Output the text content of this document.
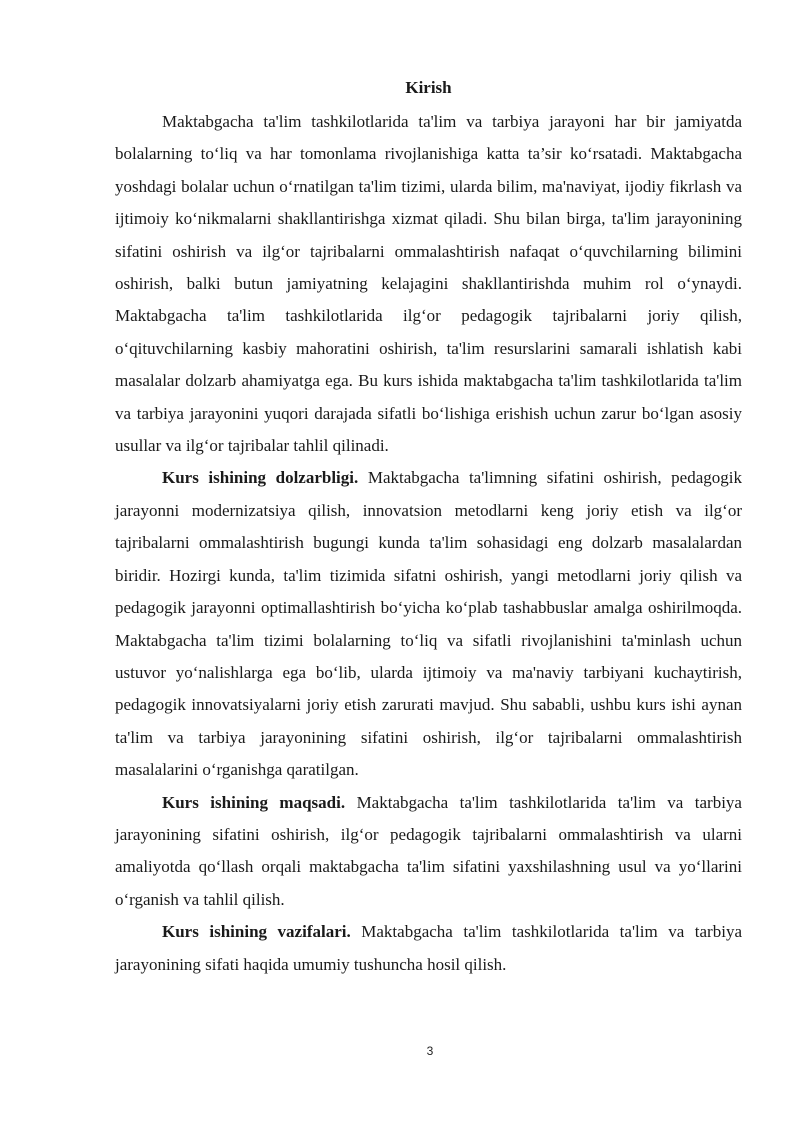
Kirish

Maktabgacha ta'lim tashkilotlarida ta'lim va tarbiya jarayoni har bir jamiyatda bolalarning to‘liq va har tomonlama rivojlanishiga katta ta’sir ko‘rsatadi. Maktabgacha yoshdagi bolalar uchun o‘rnatilgan ta'lim tizimi, ularda bilim, ma'naviyat, ijodiy fikrlash va ijtimoiy ko‘nikmalarni shakllantirishga xizmat qiladi. Shu bilan birga, ta'lim jarayonining sifatini oshirish va ilg‘or tajribalarni ommalashtirish nafaqat o‘quvchilarning bilimini oshirish, balki butun jamiyatning kelajagini shakllantirishda muhim rol o‘ynaydi. Maktabgacha ta'lim tashkilotlarida ilg‘or pedagogik tajribalarni joriy qilish, o‘qituvchilarning kasbiy mahoratini oshirish, ta'lim resurslarini samarali ishlatish kabi masalalar dolzarb ahamiyatga ega. Bu kurs ishida maktabgacha ta'lim tashkilotlarida ta'lim va tarbiya jarayonini yuqori darajada sifatli bo‘lishiga erishish uchun zarur bo‘lgan asosiy usullar va ilg‘or tajribalar tahlil qilinadi.

Kurs ishining dolzarbligi. Maktabgacha ta'limning sifatini oshirish, pedagogik jarayonni modernizatsiya qilish, innovatsion metodlarni keng joriy etish va ilg‘or tajribalarni ommalashtirish bugungi kunda ta'lim sohasidagi eng dolzarb masalalardan biridir. Hozirgi kunda, ta'lim tizimida sifatni oshirish, yangi metodlarni joriy qilish va pedagogik jarayonni optimallashtirish bo‘yicha ko‘plab tashabbuslar amalga oshirilmoqda. Maktabgacha ta'lim tizimi bolalarning to‘liq va sifatli rivojlanishini ta'minlash uchun ustuvor yo‘nalishlarga ega bo‘lib, ularda ijtimoiy va ma'naviy tarbiyani kuchaytirish, pedagogik innovatsiyalarni joriy etish zarurati mavjud. Shu sababli, ushbu kurs ishi aynan ta'lim va tarbiya jarayonining sifatini oshirish, ilg‘or tajribalarni ommalashtirish masalalarini o‘rganishga qaratilgan.

Kurs ishining maqsadi. Maktabgacha ta'lim tashkilotlarida ta'lim va tarbiya jarayonining sifatini oshirish, ilg‘or pedagogik tajribalarni ommalashtirish va ularni amaliyotda qo‘llash orqali maktabgacha ta'lim sifatini yaxshilashning usul va yo‘llarini o‘rganish va tahlil qilish.

Kurs ishining vazifalari. Maktabgacha ta'lim tashkilotlarida ta'lim va tarbiya jarayonining sifati haqida umumiy tushuncha hosil qilish.

3
